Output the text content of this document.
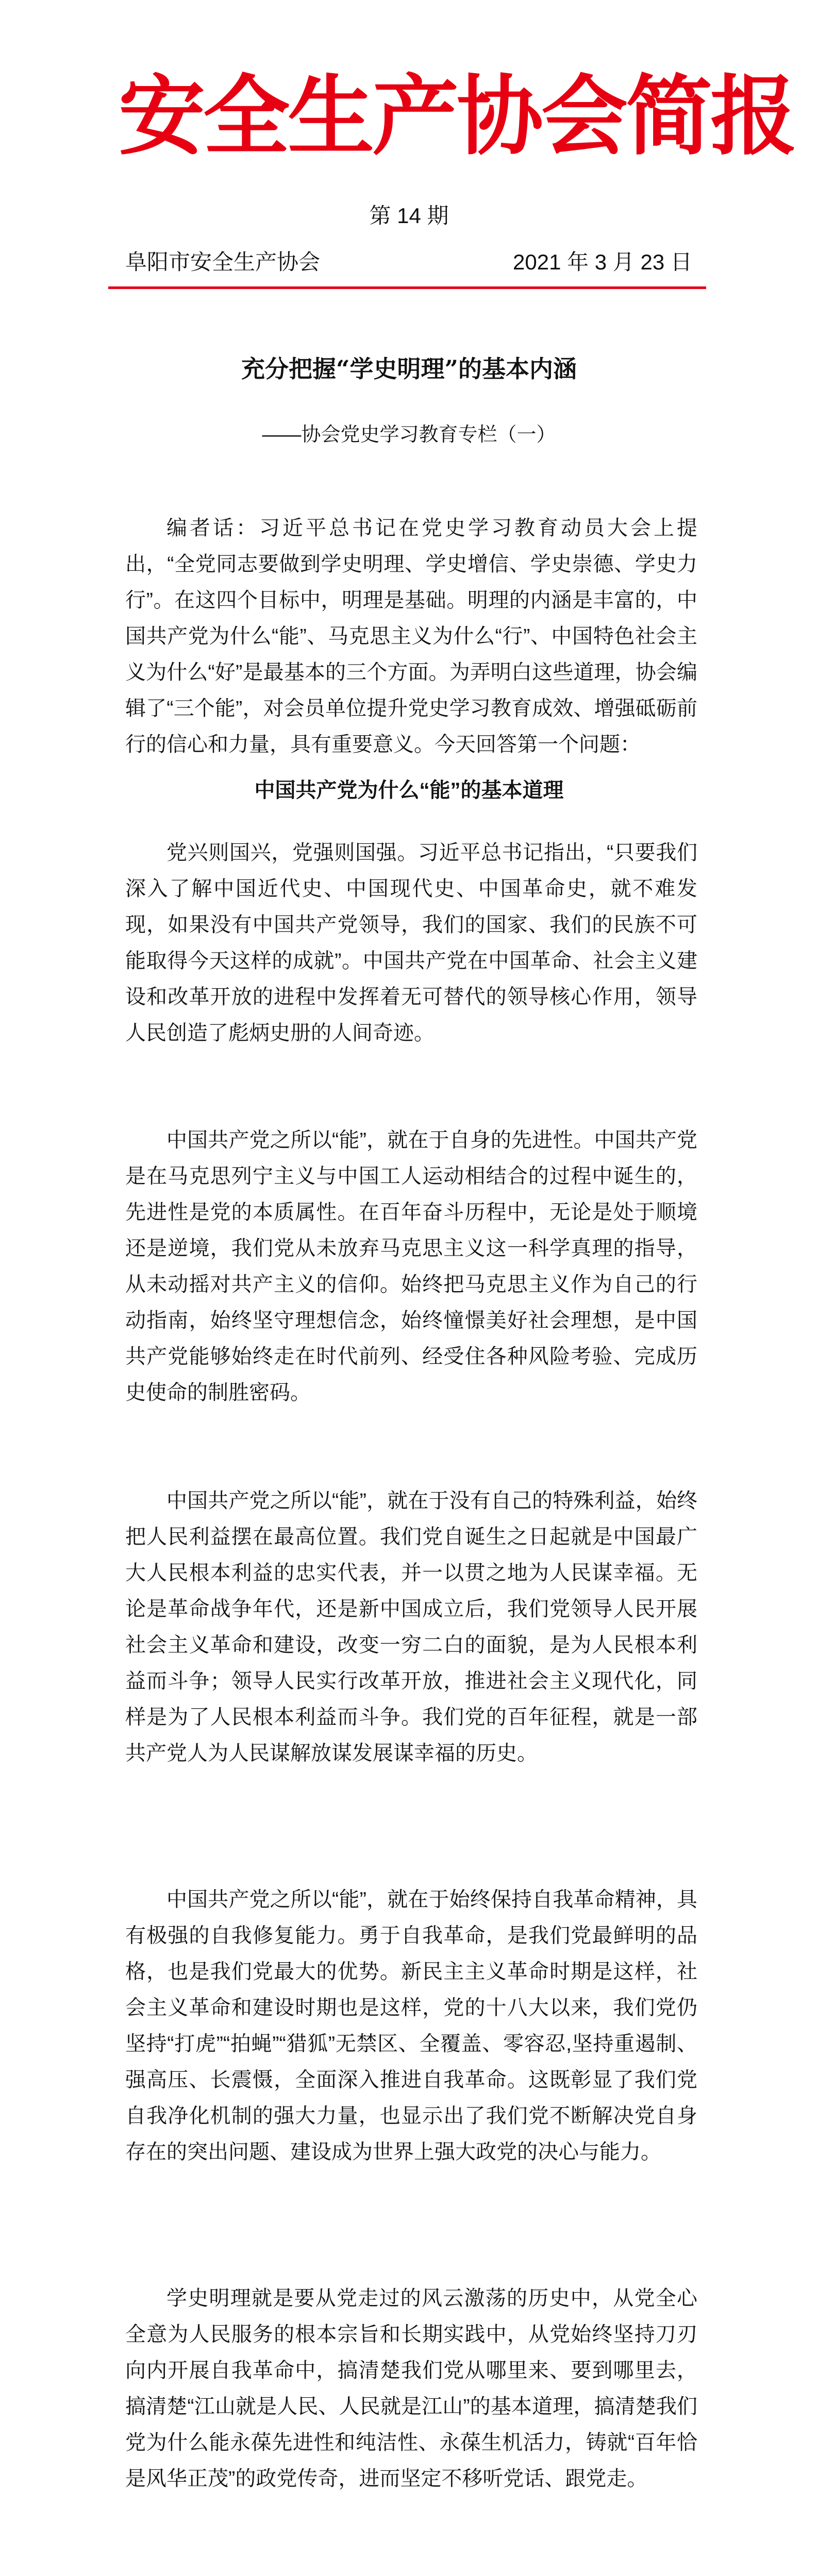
安全生产协会简报
第 14 期
阜阳市安全生产协会	2021 年 3 月 23 日
充分把握“学史明理”的基本内涵
——协会党史学习教育专栏（一）

编者话：习近平总书记在党史学习教育动员大会上提出，“全党同志要做到学史明理、学史增信、学史崇德、学史力行”。在这四个目标中，明理是基础。明理的内涵是丰富的，中国共产党为什么“能”、马克思主义为什么“行”、中国特色社会主义为什么“好”是最基本的三个方面。为弄明白这些道理，协会编辑了“三个能”，对会员单位提升党史学习教育成效、增强砥砺前行的信心和力量，具有重要意义。今天回答第一个问题：

中国共产党为什么“能”的基本道理

党兴则国兴，党强则国强。习近平总书记指出，“只要我们深入了解中国近代史、中国现代史、中国革命史，就不难发现，如果没有中国共产党领导，我们的国家、我们的民族不可能取得今天这样的成就”。中国共产党在中国革命、社会主义建设和改革开放的进程中发挥着无可替代的领导核心作用，领导人民创造了彪炳史册的人间奇迹。

中国共产党之所以“能”，就在于自身的先进性。中国共产党是在马克思列宁主义与中国工人运动相结合的过程中诞生的，先进性是党的本质属性。在百年奋斗历程中，无论是处于顺境还是逆境，我们党从未放弃马克思主义这一科学真理的指导，从未动摇对共产主义的信仰。始终把马克思主义作为自己的行动指南，始终坚守理想信念，始终憧憬美好社会理想，是中国共产党能够始终走在时代前列、经受住各种风险考验、完成历史使命的制胜密码。

中国共产党之所以“能”，就在于没有自己的特殊利益，始终把人民利益摆在最高位置。我们党自诞生之日起就是中国最广大人民根本利益的忠实代表，并一以贯之地为人民谋幸福。无论是革命战争年代，还是新中国成立后，我们党领导人民开展社会主义革命和建设，改变一穷二白的面貌，是为人民根本利益而斗争；领导人民实行改革开放，推进社会主义现代化，同样是为了人民根本利益而斗争。我们党的百年征程，就是一部共产党人为人民谋解放谋发展谋幸福的历史。

中国共产党之所以“能”，就在于始终保持自我革命精神，具有极强的自我修复能力。勇于自我革命，是我们党最鲜明的品格，也是我们党最大的优势。新民主主义革命时期是这样，社会主义革命和建设时期也是这样，党的十八大以来，我们党仍坚持“打虎”“拍蝇”“猎狐”无禁区、全覆盖、零容忍,坚持重遏制、强高压、长震慑，全面深入推进自我革命。这既彰显了我们党自我净化机制的强大力量，也显示出了我们党不断解决党自身存在的突出问题、建设成为世界上强大政党的决心与能力。

学史明理就是要从党走过的风云激荡的历史中，从党全心全意为人民服务的根本宗旨和长期实践中，从党始终坚持刀刃向内开展自我革命中，搞清楚我们党从哪里来、要到哪里去，搞清楚“江山就是人民、人民就是江山”的基本道理，搞清楚我们党为什么能永葆先进性和纯洁性、永葆生机活力，铸就“百年恰是风华正茂”的政党传奇，进而坚定不移听党话、跟党走。
